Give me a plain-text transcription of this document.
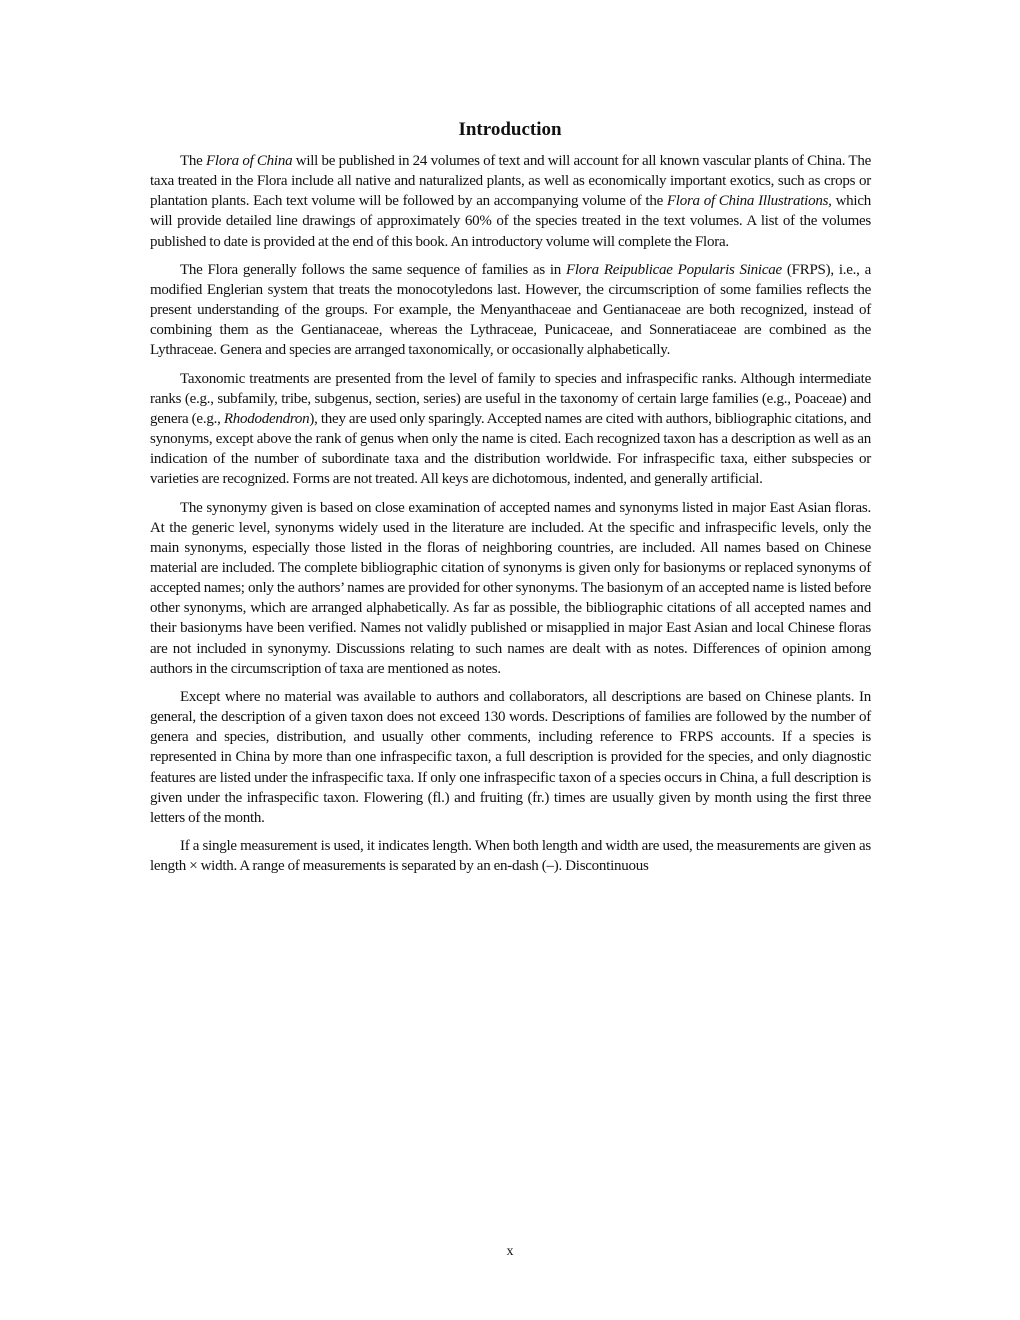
Introduction

The Flora of China will be published in 24 volumes of text and will account for all known vascular plants of China. The taxa treated in the Flora include all native and naturalized plants, as well as economically important exotics, such as crops or plantation plants. Each text volume will be followed by an accompanying volume of the Flora of China Illustrations, which will provide detailed line drawings of approximately 60% of the species treated in the text volumes. A list of the volumes published to date is provided at the end of this book. An introductory volume will complete the Flora.

The Flora generally follows the same sequence of families as in Flora Reipublicae Popularis Sinicae (FRPS), i.e., a modified Englerian system that treats the monocotyledons last. However, the circumscription of some families reflects the present understanding of the groups. For example, the Menyanthaceae and Gentianaceae are both recognized, instead of combining them as the Gentianaceae, whereas the Lythraceae, Punicaceae, and Sonneratiaceae are combined as the Lythraceae. Genera and species are arranged taxonomically, or occasionally alphabetically.

Taxonomic treatments are presented from the level of family to species and infraspecific ranks. Although intermediate ranks (e.g., subfamily, tribe, subgenus, section, series) are useful in the taxonomy of certain large families (e.g., Poaceae) and genera (e.g., Rhododendron), they are used only sparingly. Accepted names are cited with authors, bibliographic citations, and synonyms, except above the rank of genus when only the name is cited. Each recognized taxon has a description as well as an indication of the number of subordinate taxa and the distribution worldwide. For infraspecific taxa, either subspecies or varieties are recognized. Forms are not treated. All keys are dichotomous, indented, and generally artificial.

The synonymy given is based on close examination of accepted names and synonyms listed in major East Asian floras. At the generic level, synonyms widely used in the literature are included. At the specific and infraspecific levels, only the main synonyms, especially those listed in the floras of neighboring countries, are included. All names based on Chinese material are included. The complete bibliographic citation of synonyms is given only for basionyms or replaced synonyms of accepted names; only the authors’ names are provided for other synonyms. The basionym of an accepted name is listed before other synonyms, which are arranged alphabetically. As far as possible, the bibliographic citations of all accepted names and their basionyms have been verified. Names not validly published or misapplied in major East Asian and local Chinese floras are not included in synonymy. Discussions relating to such names are dealt with as notes. Differences of opinion among authors in the circumscription of taxa are mentioned as notes.

Except where no material was available to authors and collaborators, all descriptions are based on Chinese plants. In general, the description of a given taxon does not exceed 130 words. Descriptions of families are followed by the number of genera and species, distribution, and usually other comments, including reference to FRPS accounts. If a species is represented in China by more than one infraspecific taxon, a full description is provided for the species, and only diagnostic features are listed under the infraspecific taxa. If only one infraspecific taxon of a species occurs in China, a full description is given under the infraspecific taxon. Flowering (fl.) and fruiting (fr.) times are usually given by month using the first three letters of the month.

If a single measurement is used, it indicates length. When both length and width are used, the measurements are given as length × width. A range of measurements is separated by an en-dash (–). Discontinuous

x
